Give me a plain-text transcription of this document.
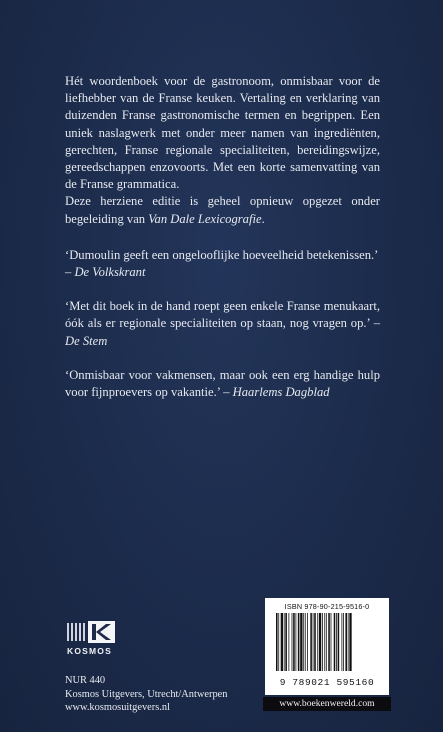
Hét woordenboek voor de gastronoom, onmisbaar voor de liefhebber van de Franse keuken. Vertaling en verklaring van duizenden Franse gastronomische termen en begrippen. Een uniek naslagwerk met onder meer namen van ingrediënten, gerechten, Franse regionale specialiteiten, bereidingswijze, gereedschappen enzovoorts. Met een korte samenvatting van de Franse grammatica.

Deze herziene editie is geheel opnieuw opgezet onder begeleiding van Van Dale Lexicografie.

‘Dumoulin geeft een ongelooflijke hoeveelheid betekenissen.’
– De Volkskrant

‘Met dit boek in de hand roept geen enkele Franse menukaart, óók als er regionale specialiteiten op staan, nog vragen op.’ – De Stem

‘Onmisbaar voor vakmensen, maar ook een erg handige hulp voor fijnproevers op vakantie.’ – Haarlems Dagblad

KOSMOS
NUR 440
Kosmos Uitgevers, Utrecht/Antwerpen
www.kosmosuitgevers.nl
ISBN 978-90-215-9516-0
9 789021 595160
www.boekenwereld.com
